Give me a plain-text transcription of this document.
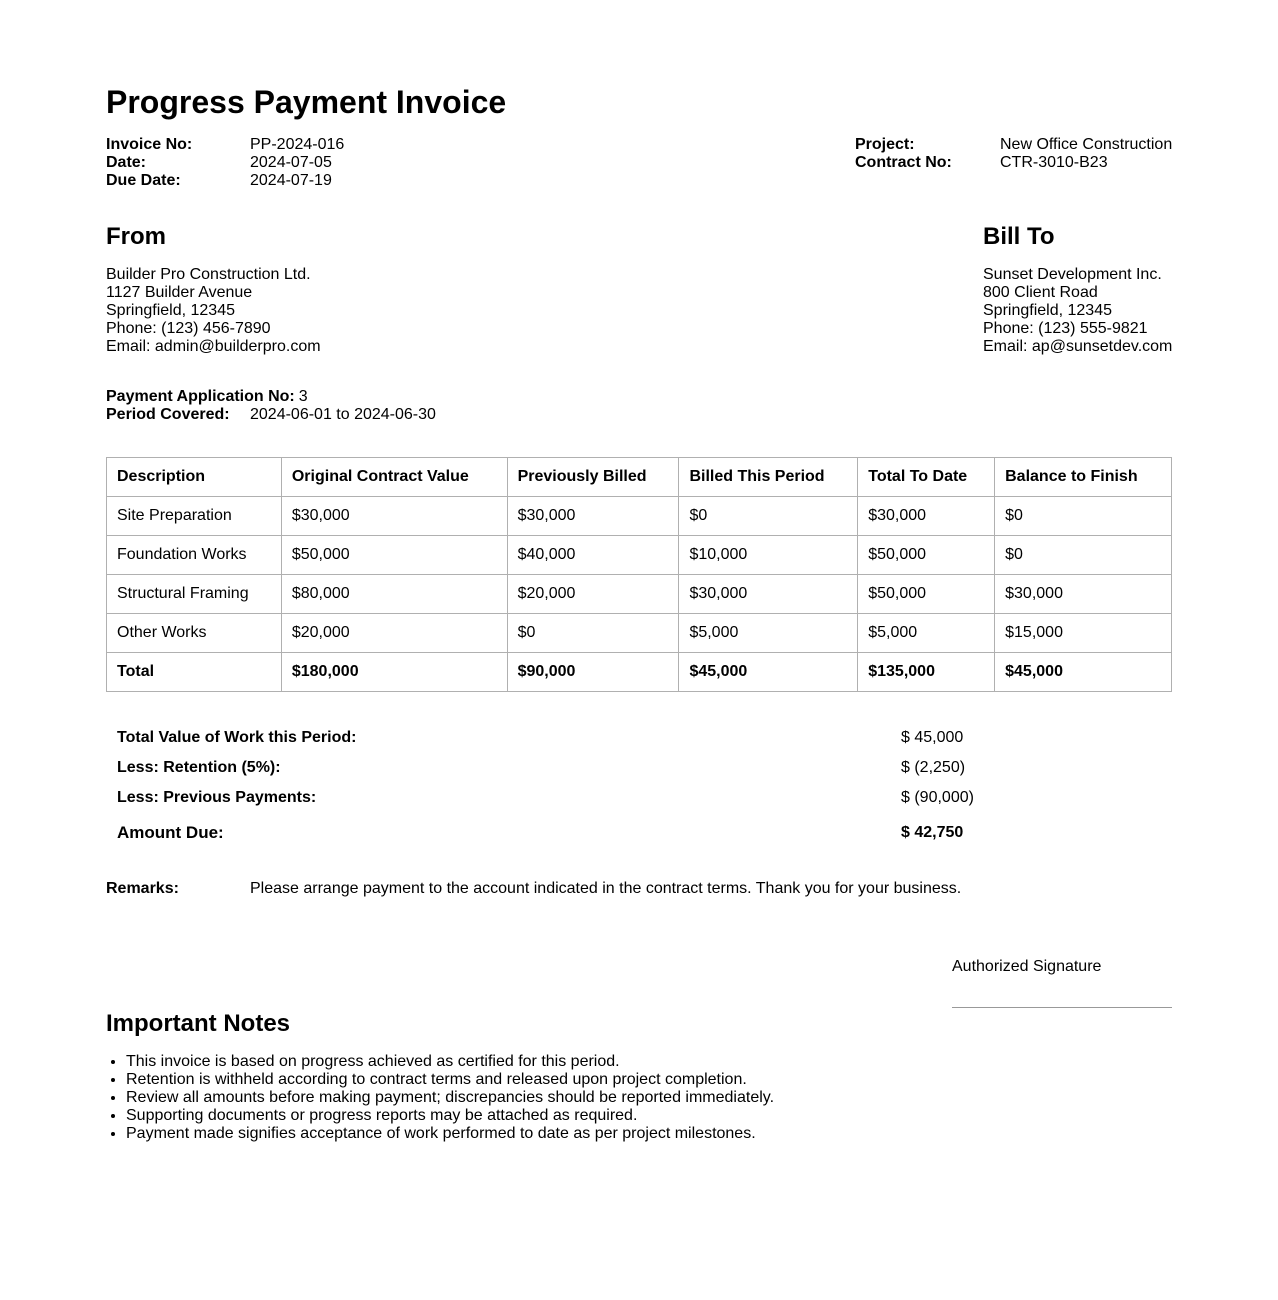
Progress Payment Invoice
Invoice No:	PP-2024-016
Date:	2024-07-05
Due Date:	2024-07-19
Project:	New Office Construction
Contract No:	CTR-3010-B23
From
Builder Pro Construction Ltd.
1127 Builder Avenue
Springfield, 12345
Phone: (123) 456-7890
Email: admin@builderpro.com
Bill To
Sunset Development Inc.
800 Client Road
Springfield, 12345
Phone: (123) 555-9821
Email: ap@sunsetdev.com
Payment Application No: 3
Period Covered:	2024-06-01 to 2024-06-30
Description	Original Contract Value	Previously Billed	Billed This Period	Total To Date	Balance to Finish
Site Preparation	$30,000	$30,000	$0	$30,000	$0
Foundation Works	$50,000	$40,000	$10,000	$50,000	$0
Structural Framing	$80,000	$20,000	$30,000	$50,000	$30,000
Other Works	$20,000	$0	$5,000	$5,000	$15,000
Total	$180,000	$90,000	$45,000	$135,000	$45,000
Total Value of Work this Period:	$ 45,000
Less: Retention (5%):	$ (2,250)
Less: Previous Payments:	$ (90,000)
Amount Due:	$ 42,750
Remarks:	Please arrange payment to the account indicated in the contract terms. Thank you for your business.
Authorized Signature
Important Notes
• This invoice is based on progress achieved as certified for this period.
• Retention is withheld according to contract terms and released upon project completion.
• Review all amounts before making payment; discrepancies should be reported immediately.
• Supporting documents or progress reports may be attached as required.
• Payment made signifies acceptance of work performed to date as per project milestones.
